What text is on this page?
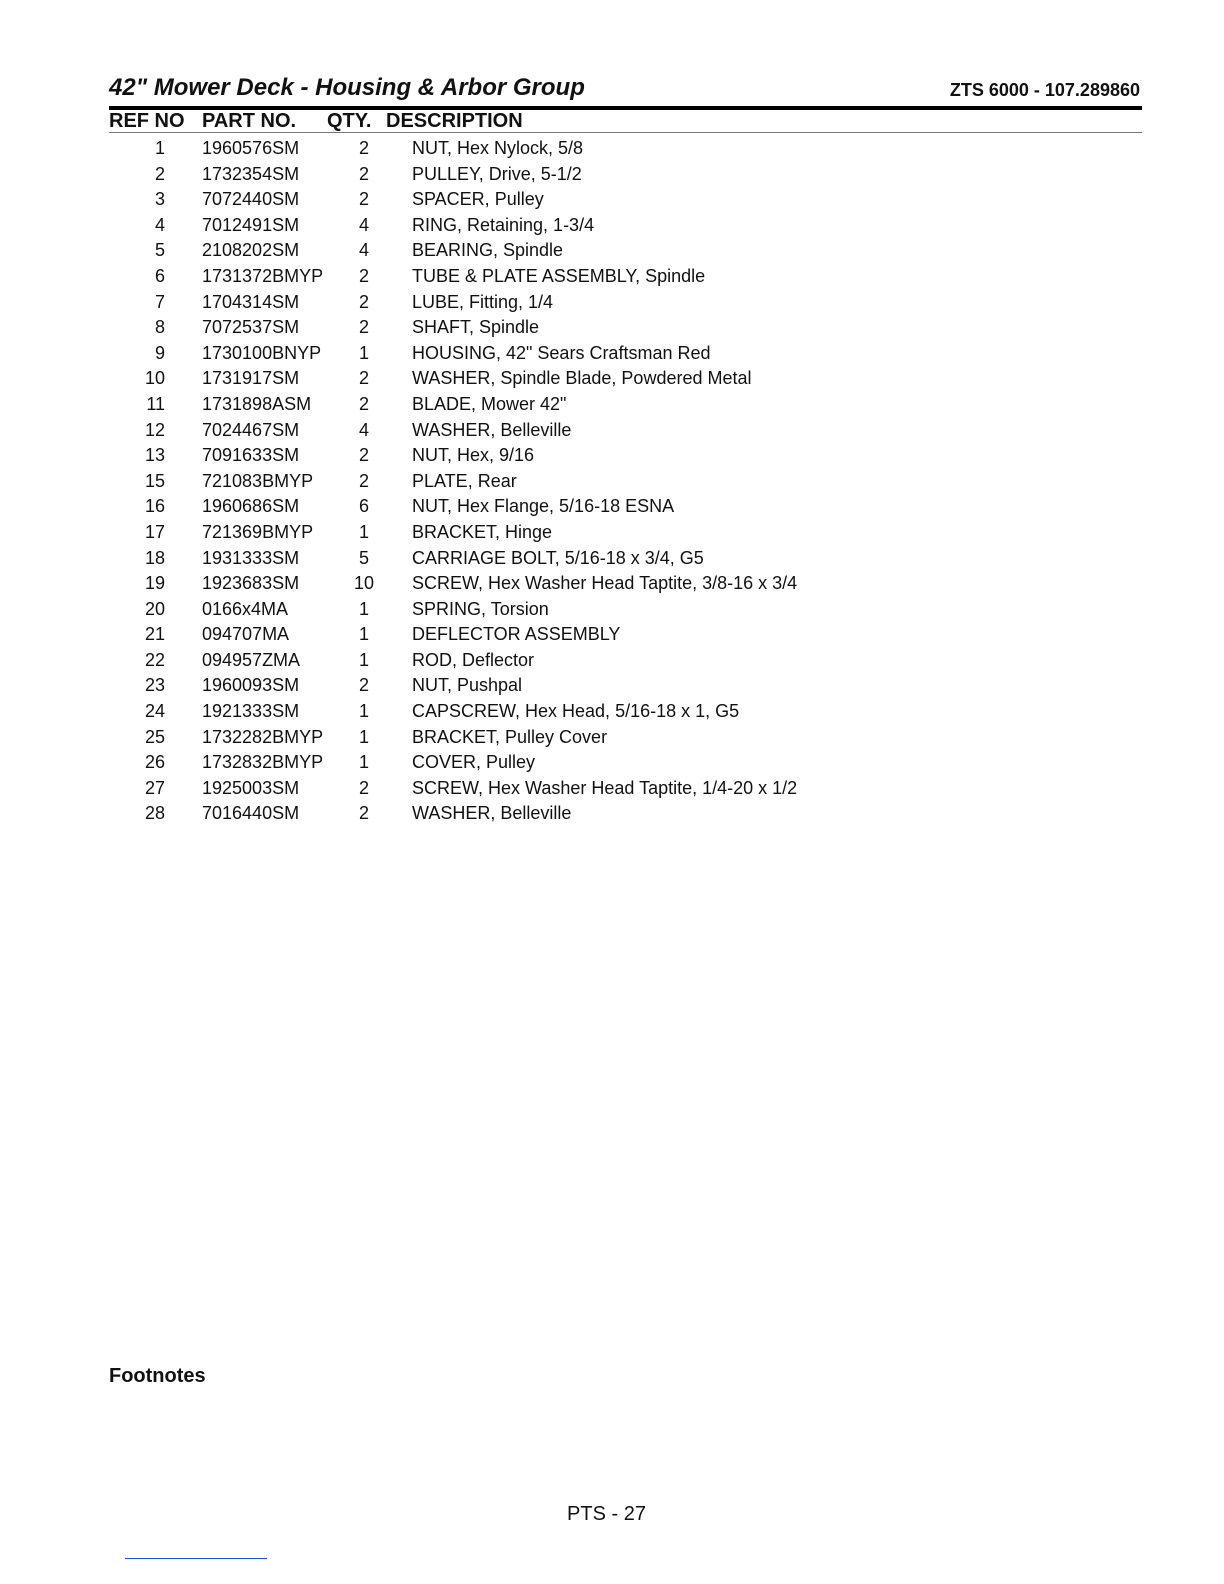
42" Mower Deck - Housing & Arbor Group	ZTS 6000 - 107.289860
REF NO PART NO. QTY. DESCRIPTION
1 1960576SM	2	NUT, Hex Nylock, 5/8
2 1732354SM	2	PULLEY, Drive, 5-1/2
3 7072440SM	2	SPACER, Pulley
4 7012491SM	4	RING, Retaining, 1-3/4
5 2108202SM	4	BEARING, Spindle
6 1731372BMYP	2	TUBE & PLATE ASSEMBLY, Spindle
7 1704314SM	2	LUBE, Fitting, 1/4
8 7072537SM	2	SHAFT, Spindle
9 1730100BNYP	1	HOUSING, 42" Sears Craftsman Red
10 1731917SM	2	WASHER, Spindle Blade, Powdered Metal
11 1731898ASM	2	BLADE, Mower 42"
12 7024467SM	4	WASHER, Belleville
13 7091633SM	2	NUT, Hex, 9/16
15 721083BMYP	2	PLATE, Rear
16 1960686SM	6	NUT, Hex Flange, 5/16-18 ESNA
17 721369BMYP	1	BRACKET, Hinge
18 1931333SM	5	CARRIAGE BOLT, 5/16-18 x 3/4, G5
19 1923683SM	10 SCREW, Hex Washer Head Taptite, 3/8-16 x 3/4
20 0166x4MA	1	SPRING, Torsion
21 094707MA	1	DEFLECTOR ASSEMBLY
22 094957ZMA	1	ROD, Deflector
23 1960093SM	2	NUT, Pushpal
24 1921333SM	1	CAPSCREW, Hex Head, 5/16-18 x 1, G5
25 1732282BMYP	1	BRACKET, Pulley Cover
26 1732832BMYP	1	COVER, Pulley
27 1925003SM	2	SCREW, Hex Washer Head Taptite, 1/4-20 x 1/2
28 7016440SM	2	WASHER, Belleville
Footnotes
PTS - 27
